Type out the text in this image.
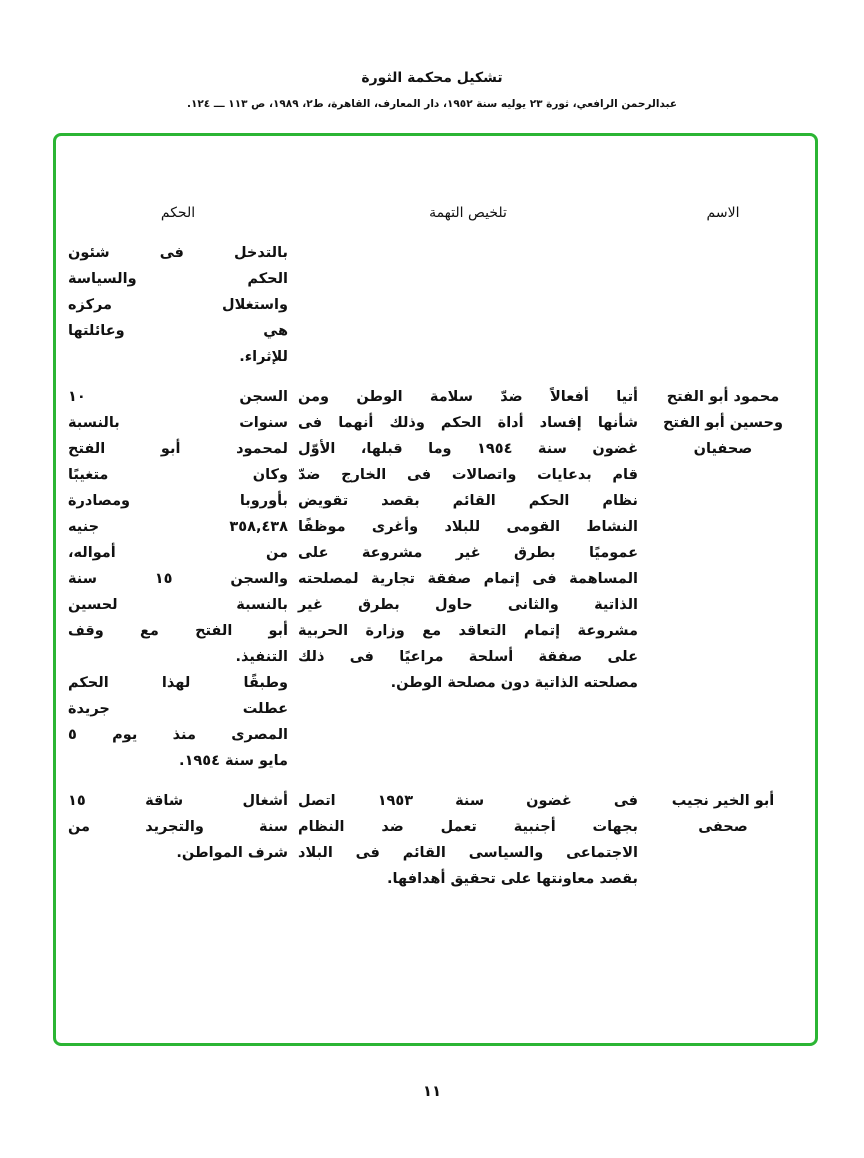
تشكيل محكمة الثورة
عبدالرحمن الرافعي، ثورة ٢٣ يوليه سنة ١٩٥٢، دار المعارف، القاهرة، ط٢، ١٩٨٩، ص ١١٣ ـــ ١٢٤.
الاسم
تلخيص التهمة
الحكم
بالتدخل فى شئون
الحكم والسياسة
واستغلال مركزه
هي وعائلتها
للإثراء.
محمود أبو الفتح
وحسين أبو الفتح
صحفيان
أتيا أفعالاً ضدّ سلامة الوطن ومن
شأنها إفساد أداة الحكم وذلك أنهما فى
غضون سنة ١٩٥٤ وما قبلها، الأوّل
قام بدعايات واتصالات فى الخارج ضدّ
نظام الحكم القائم بقصد تقويض
النشاط القومى للبلاد وأغرى موظفًا
عموميًا بطرق غير مشروعة على
المساهمة فى إتمام صفقة تجارية لمصلحته
الذاتية والثانى حاول بطرق غير
مشروعة إتمام التعاقد مع وزارة الحربية
على صفقة أسلحة مراعيًا فى ذلك
مصلحته الذاتية دون مصلحة الوطن.
السجن ١٠
سنوات بالنسبة
لمحمود أبو الفتح
وكان متغيبًا
بأوروبا ومصادرة
٣٥٨,٤٣٨ جنيه
من أمواله،
والسجن ١٥ سنة
بالنسبة لحسين
أبو الفتح مع وقف
التنفيذ.
وطبقًا لهذا الحكم
عطلت جريدة
المصرى منذ يوم ٥
مايو سنة ١٩٥٤.
أبو الخير نجيب
صحفى
فى غضون سنة ١٩٥٣ اتصل
بجهات أجنبية تعمل ضد النظام
الاجتماعى والسياسى القائم فى البلاد
بقصد معاونتها على تحقيق أهدافها.
أشغال شاقة ١٥
سنة والتجريد من
شرف المواطن.
١١
